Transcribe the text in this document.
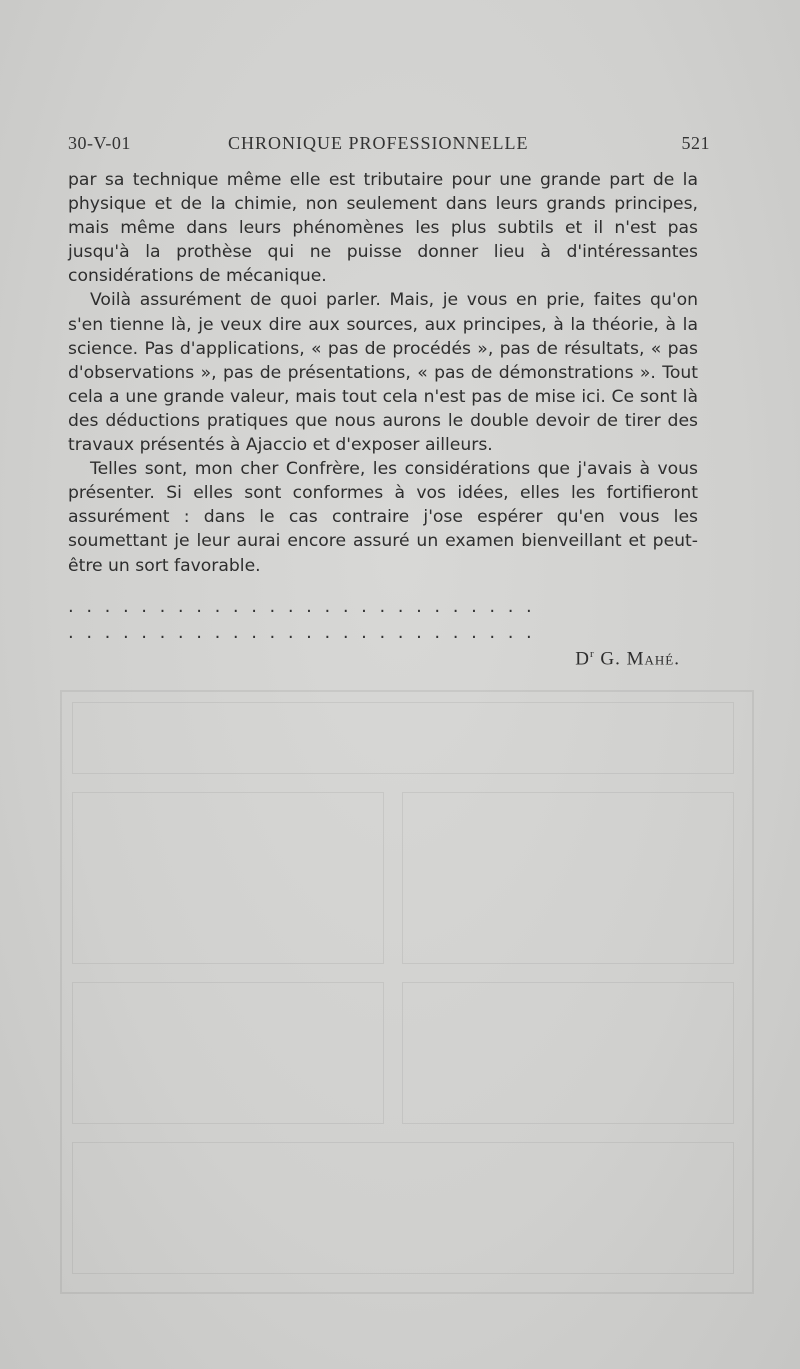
30-V-01	CHRONIQUE PROFESSIONNELLE	521

par sa technique même elle est tributaire pour une grande part de la physique et de la chimie, non seulement dans leurs grands principes, mais même dans leurs phénomènes les plus subtils et il n'est pas jusqu'à la prothèse qui ne puisse donner lieu à d'intéressantes considérations de mécanique.

Voilà assurément de quoi parler. Mais, je vous en prie, faites qu'on s'en tienne là, je veux dire aux sources, aux principes, à la théorie, à la science. Pas d'applications, « pas de procédés », pas de résultats, « pas d'observations », pas de présentations, « pas de démonstrations ». Tout cela a une grande valeur, mais tout cela n'est pas de mise ici. Ce sont là des déductions pratiques que nous aurons le double devoir de tirer des travaux présentés à Ajaccio et d'exposer ailleurs.

Telles sont, mon cher Confrère, les considérations que j'avais à vous présenter. Si elles sont conformes à vos idées, elles les fortifieront assurément : dans le cas contraire j'ose espérer qu'en vous les soumettant je leur aurai encore assuré un examen bienveillant et peut-être un sort favorable.

..........................
..........................
$D^r$ G. Mahé.
